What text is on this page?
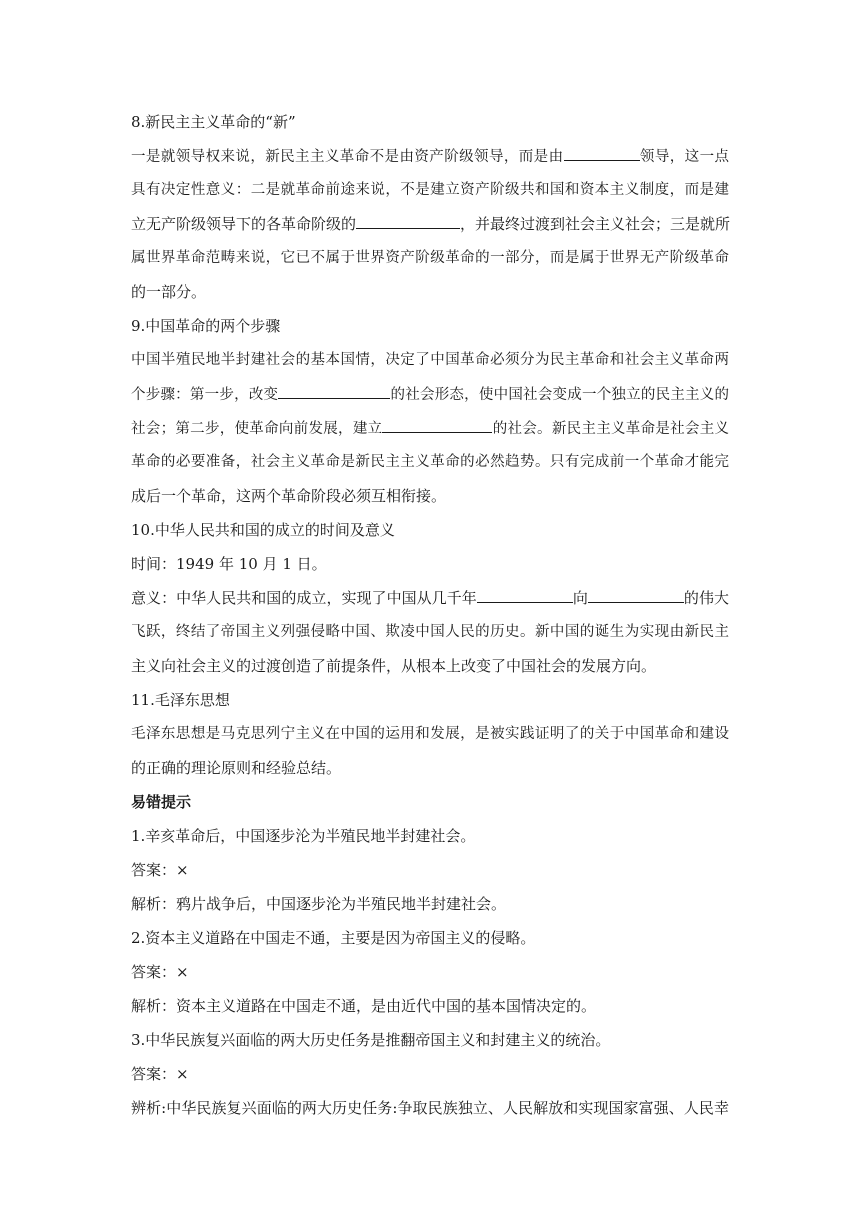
8.新民主主义革命的“新”
一是就领导权来说，新民主主义革命不是由资产阶级领导，而是由	领导，这一点
具有决定性意义：二是就革命前途来说，不是建立资产阶级共和国和资本主义制度，而是建
立无产阶级领导下的各革命阶级的	，并最终过渡到社会主义社会；三是就所
属世界革命范畴来说，它已不属于世界资产阶级革命的一部分，而是属于世界无产阶级革命
的一部分。
9.中国革命的两个步骤
中国半殖民地半封建社会的基本国情，决定了中国革命必须分为民主革命和社会主义革命两
个步骤：第一步，改变	的社会形态，使中国社会变成一个独立的民主主义的
社会；第二步，使革命向前发展，建立	的社会。新民主主义革命是社会主义
革命的必要准备，社会主义革命是新民主主义革命的必然趋势。只有完成前一个革命才能完
成后一个革命，这两个革命阶段必须互相衔接。
10.中华人民共和国的成立的时间及意义
时间：1949 年 10 月 1 日。
意义：中华人民共和国的成立，实现了中国从几千年	向	的伟大
飞跃，终结了帝国主义列强侵略中国、欺凌中国人民的历史。新中国的诞生为实现由新民主
主义向社会主义的过渡创造了前提条件，从根本上改变了中国社会的发展方向。
11.毛泽东思想
毛泽东思想是马克思列宁主义在中国的运用和发展，是被实践证明了的关于中国革命和建设
的正确的理论原则和经验总结。
易错提示
1.辛亥革命后，中国逐步沦为半殖民地半封建社会。
答案：×
解析：鸦片战争后，中国逐步沦为半殖民地半封建社会。
2.资本主义道路在中国走不通，主要是因为帝国主义的侵略。
答案：×
解析：资本主义道路在中国走不通，是由近代中国的基本国情决定的。
3.中华民族复兴面临的两大历史任务是推翻帝国主义和封建主义的统治。
答案：×
辨析:中华民族复兴面临的两大历史任务:争取民族独立、人民解放和实现国家富强、人民幸
